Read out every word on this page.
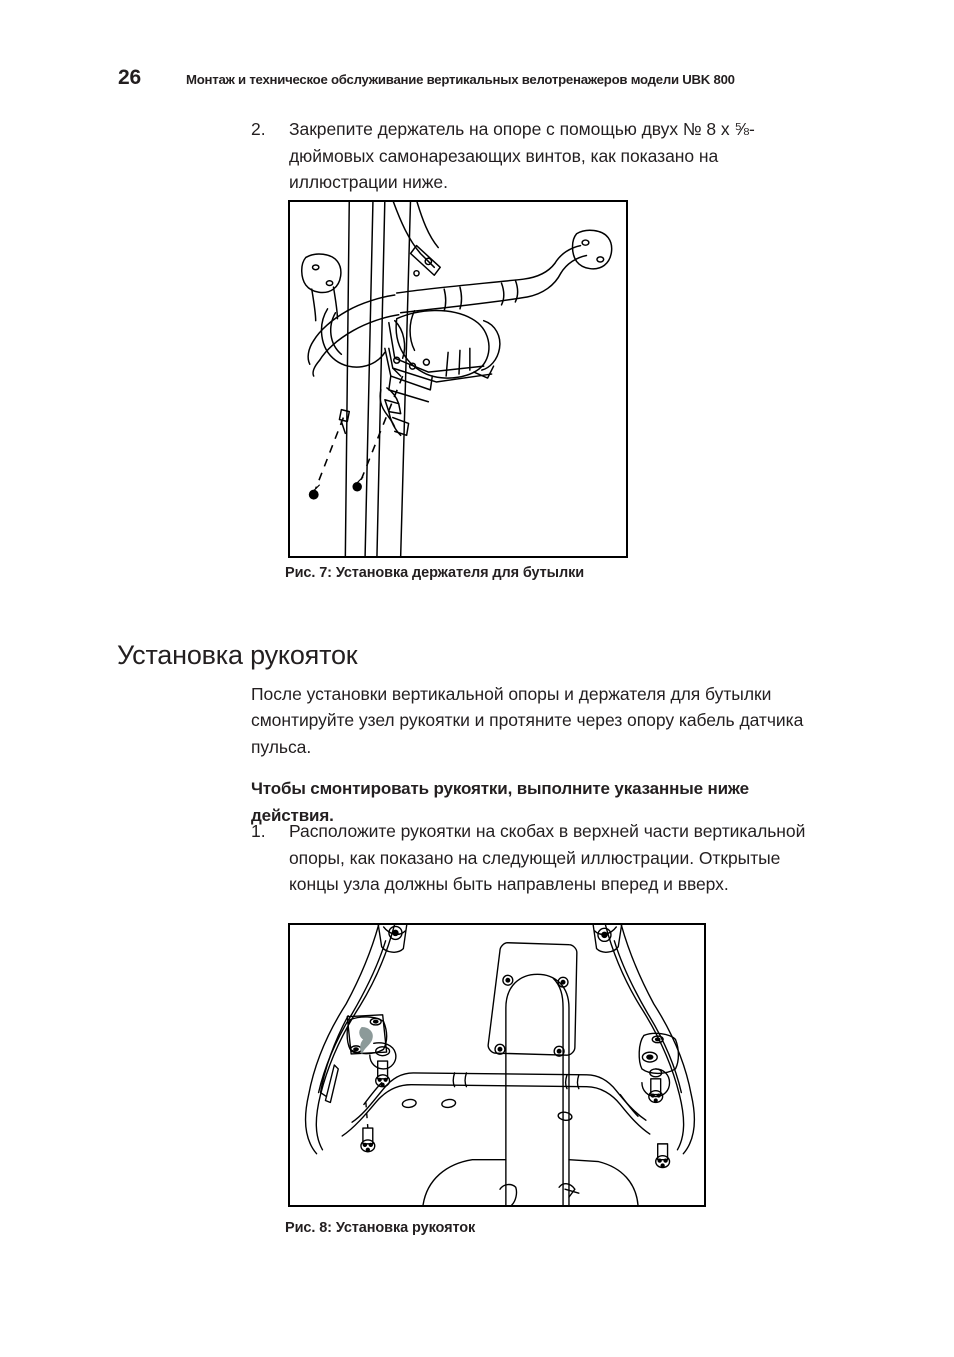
26	Монтаж и техническое обслуживание вертикальных велотренажеров модели UBK 800
2.	Закрепите держатель на опоре с помощью двух № 8 x ⅝-дюймовых самонарезающих винтов, как показано на иллюстрации ниже.
Рис. 7: Установка держателя для бутылки
Установка рукояток

После установки вертикальной опоры и держателя для бутылки смонтируйте узел рукоятки и протяните через опору кабель датчика пульса.

Чтобы смонтировать рукоятки, выполните указанные ниже действия.

1.	Расположите рукоятки на скобах в верхней части вертикальной опоры, как показано на следующей иллюстрации. Открытые концы узла должны быть направлены вперед и вверх.
Рис. 8: Установка рукояток
